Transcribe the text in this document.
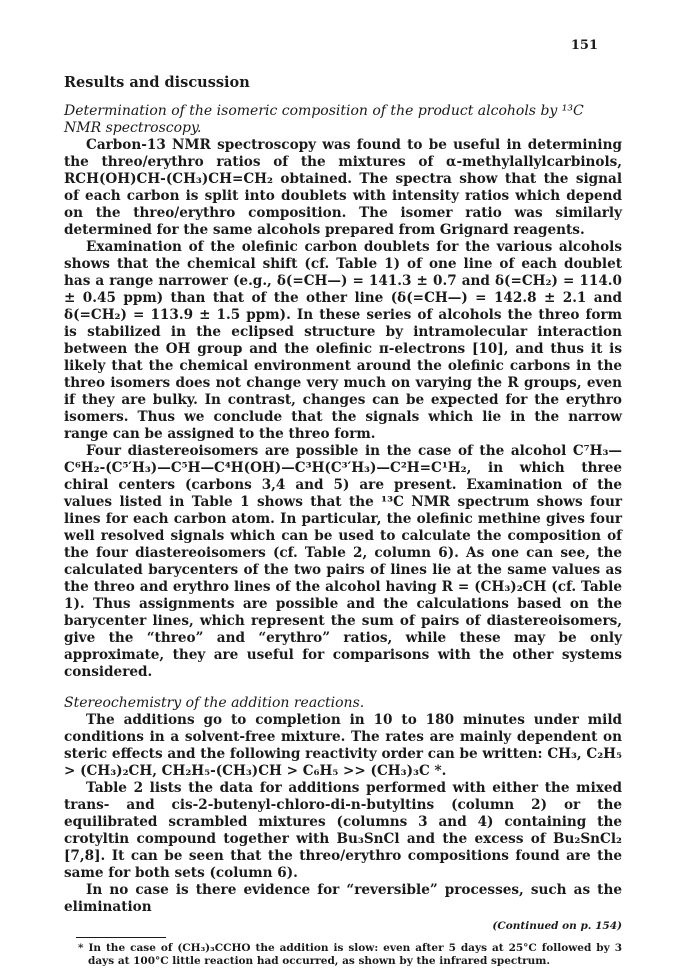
151
Results and discussion
Determination of the isomeric composition of the product alcohols by ¹³C NMR spectroscopy.

Carbon-13 NMR spectroscopy was found to be useful in determining the threo/erythro ratios of the mixtures of α-methylallylcarbinols, RCH(OH)CH-(CH₃)CH=CH₂ obtained. The spectra show that the signal of each carbon is split into doublets with intensity ratios which depend on the threo/erythro composition. The isomer ratio was similarly determined for the same alcohols prepared from Grignard reagents.

Examination of the olefinic carbon doublets for the various alcohols shows that the chemical shift (cf. Table 1) of one line of each doublet has a range narrower (e.g., δ(=CH—) = 141.3 ± 0.7 and δ(=CH₂) = 114.0 ± 0.45 ppm) than that of the other line (δ(=CH—) = 142.8 ± 2.1 and δ(=CH₂) = 113.9 ± 1.5 ppm). In these series of alcohols the threo form is stabilized in the eclipsed structure by intramolecular interaction between the OH group and the olefinic π-electrons [10], and thus it is likely that the chemical environment around the olefinic carbons in the threo isomers does not change very much on varying the R groups, even if they are bulky. In contrast, changes can be expected for the erythro isomers. Thus we conclude that the signals which lie in the narrow range can be assigned to the threo form.

Four diastereoisomers are possible in the case of the alcohol C⁷H₃—C⁶H₂-(C⁵′H₃)—C⁵H—C⁴H(OH)—C³H(C³′H₃)—C²H=C¹H₂, in which three chiral centers (carbons 3,4 and 5) are present. Examination of the values listed in Table 1 shows that the ¹³C NMR spectrum shows four lines for each carbon atom. In particular, the olefinic methine gives four well resolved signals which can be used to calculate the composition of the four diastereoisomers (cf. Table 2, column 6). As one can see, the calculated barycenters of the two pairs of lines lie at the same values as the threo and erythro lines of the alcohol having R = (CH₃)₂CH (cf. Table 1). Thus assignments are possible and the calculations based on the barycenter lines, which represent the sum of pairs of diastereoisomers, give the “threo” and “erythro” ratios, while these may be only approximate, they are useful for comparisons with the other systems considered.

Stereochemistry of the addition reactions.

The additions go to completion in 10 to 180 minutes under mild conditions in a solvent-free mixture. The rates are mainly dependent on steric effects and the following reactivity order can be written: CH₃, C₂H₅ > (CH₃)₂CH, CH₂H₅-(CH₃)CH > C₆H₅ >> (CH₃)₃C *.

Table 2 lists the data for additions performed with either the mixed trans- and cis-2-butenyl-chloro-di-n-butyltins (column 2) or the equilibrated scrambled mixtures (columns 3 and 4) containing the crotyltin compound together with Bu₃SnCl and the excess of Bu₂SnCl₂ [7,8]. It can be seen that the threo/erythro compositions found are the same for both sets (column 6).

In no case is there evidence for “reversible” processes, such as the elimination

(Continued on p. 154)
* In the case of (CH₃)₃CCHO the addition is slow: even after 5 days at 25°C followed by 3 days at 100°C little reaction had occurred, as shown by the infrared spectrum.
